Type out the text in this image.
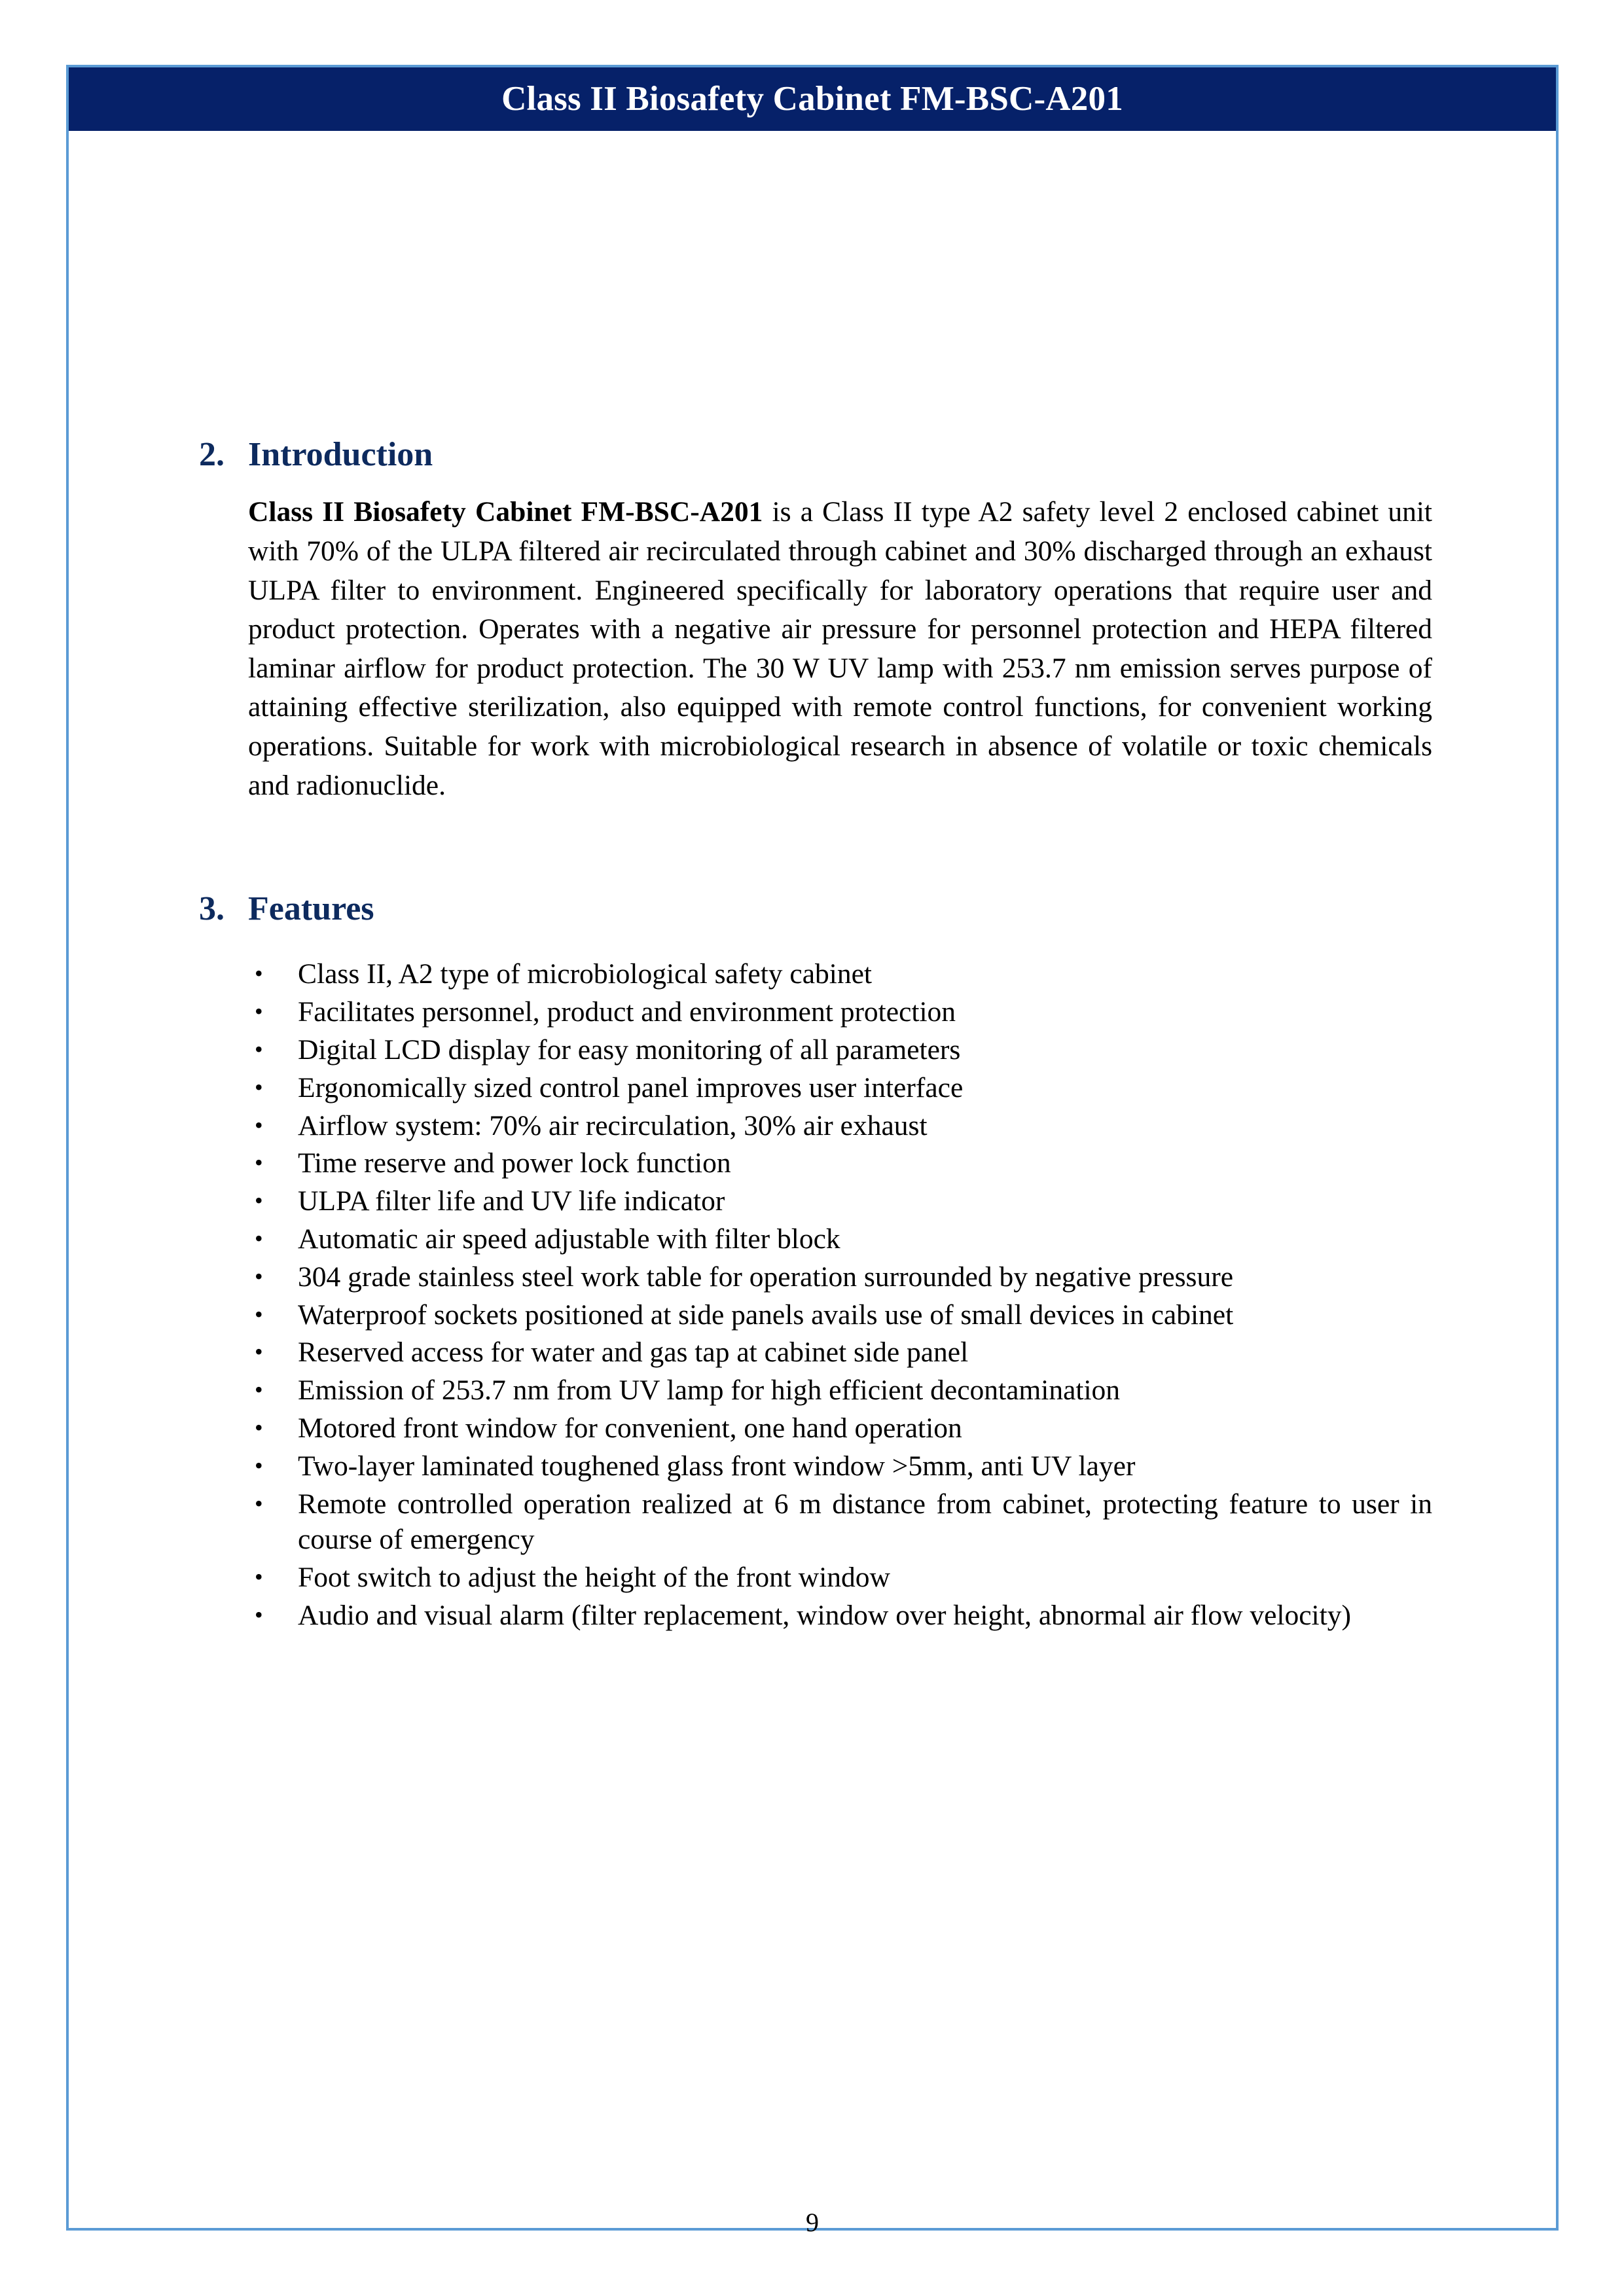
Class II Biosafety Cabinet FM-BSC-A201
2. Introduction

Class II Biosafety Cabinet FM-BSC-A201 is a Class II type A2 safety level 2 enclosed cabinet unit with 70% of the ULPA filtered air recirculated through cabinet and 30% discharged through an exhaust ULPA filter to environment. Engineered specifically for laboratory operations that require user and product protection. Operates with a negative air pressure for personnel protection and HEPA filtered laminar airflow for product protection. The 30 W UV lamp with 253.7 nm emission serves purpose of attaining effective sterilization, also equipped with remote control functions, for convenient working operations. Suitable for work with microbiological research in absence of volatile or toxic chemicals and radionuclide.

3. Features
• Class II, A2 type of microbiological safety cabinet
• Facilitates personnel, product and environment protection
• Digital LCD display for easy monitoring of all parameters
• Ergonomically sized control panel improves user interface
• Airflow system: 70% air recirculation, 30% air exhaust
• Time reserve and power lock function
• ULPA filter life and UV life indicator
• Automatic air speed adjustable with filter block
• 304 grade stainless steel work table for operation surrounded by negative pressure
• Waterproof sockets positioned at side panels avails use of small devices in cabinet
• Reserved access for water and gas tap at cabinet side panel
• Emission of 253.7 nm from UV lamp for high efficient decontamination
• Motored front window for convenient, one hand operation
• Two-layer laminated toughened glass front window >5mm, anti UV layer
• Remote controlled operation realized at 6 m distance from cabinet, protecting feature to user in course of emergency
• Foot switch to adjust the height of the front window
• Audio and visual alarm (filter replacement, window over height, abnormal air flow velocity)
9
